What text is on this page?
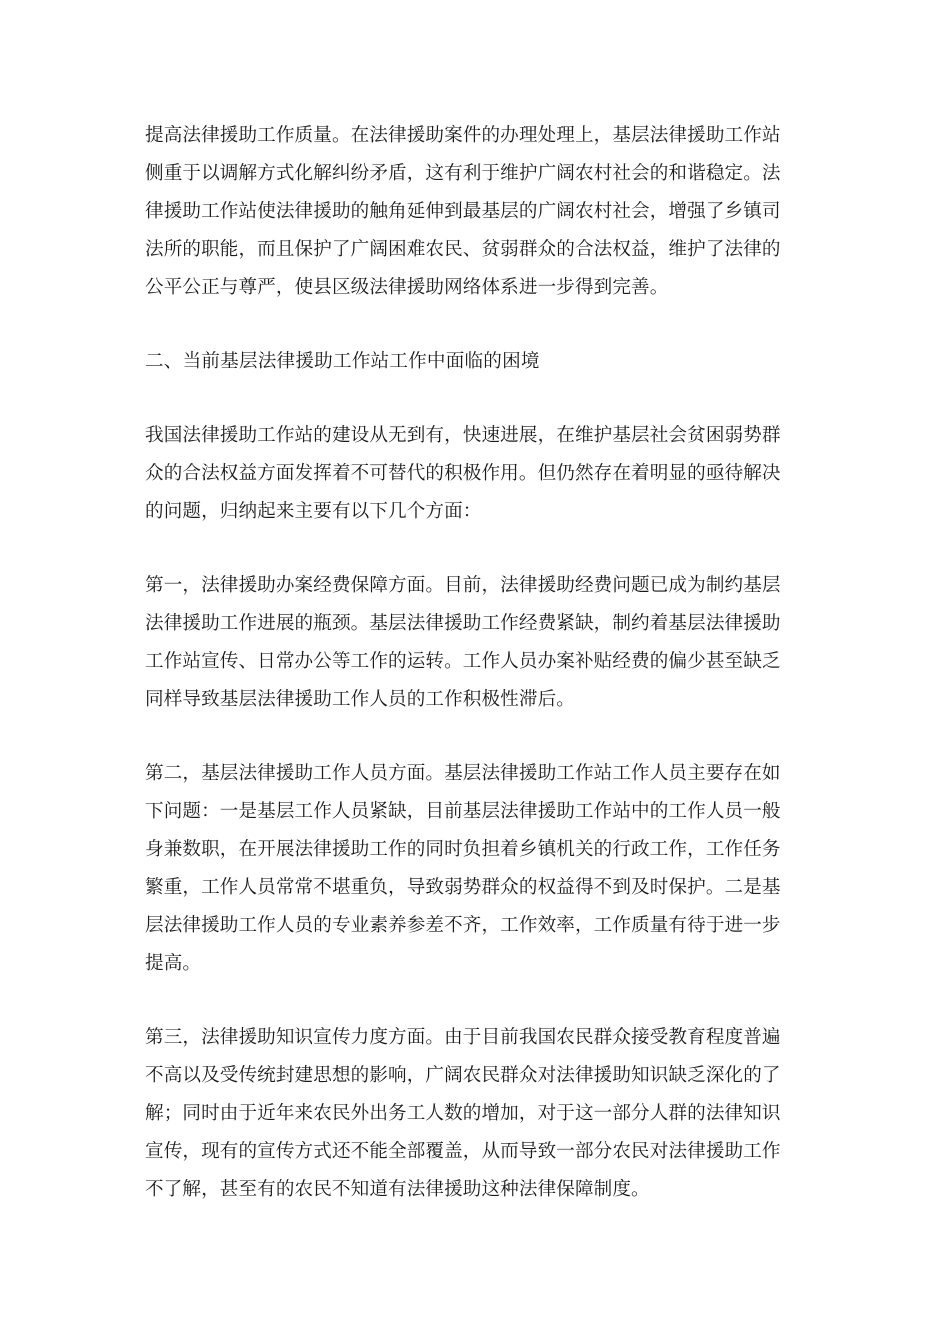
提高法律援助工作质量。在法律援助案件的办理处理上，基层法律援助工作站
侧重于以调解方式化解纠纷矛盾，这有利于维护广阔农村社会的和谐稳定。法
律援助工作站使法律援助的触角延伸到最基层的广阔农村社会，增强了乡镇司
法所的职能，而且保护了广阔困难农民、贫弱群众的合法权益，维护了法律的
公平公正与尊严，使县区级法律援助网络体系进一步得到完善。
二、当前基层法律援助工作站工作中面临的困境
我国法律援助工作站的建设从无到有，快速进展，在维护基层社会贫困弱势群
众的合法权益方面发挥着不可替代的积极作用。但仍然存在着明显的亟待解决
的问题，归纳起来主要有以下几个方面：
第一，法律援助办案经费保障方面。目前，法律援助经费问题已成为制约基层
法律援助工作进展的瓶颈。基层法律援助工作经费紧缺，制约着基层法律援助
工作站宣传、日常办公等工作的运转。工作人员办案补贴经费的偏少甚至缺乏
同样导致基层法律援助工作人员的工作积极性滞后。
第二，基层法律援助工作人员方面。基层法律援助工作站工作人员主要存在如
下问题：一是基层工作人员紧缺，目前基层法律援助工作站中的工作人员一般
身兼数职，在开展法律援助工作的同时负担着乡镇机关的行政工作，工作任务
繁重，工作人员常常不堪重负，导致弱势群众的权益得不到及时保护。二是基
层法律援助工作人员的专业素养参差不齐，工作效率，工作质量有待于进一步
提高。
第三，法律援助知识宣传力度方面。由于目前我国农民群众接受教育程度普遍
不高以及受传统封建思想的影响，广阔农民群众对法律援助知识缺乏深化的了
解；同时由于近年来农民外出务工人数的增加，对于这一部分人群的法律知识
宣传，现有的宣传方式还不能全部覆盖，从而导致一部分农民对法律援助工作
不了解，甚至有的农民不知道有法律援助这种法律保障制度。
